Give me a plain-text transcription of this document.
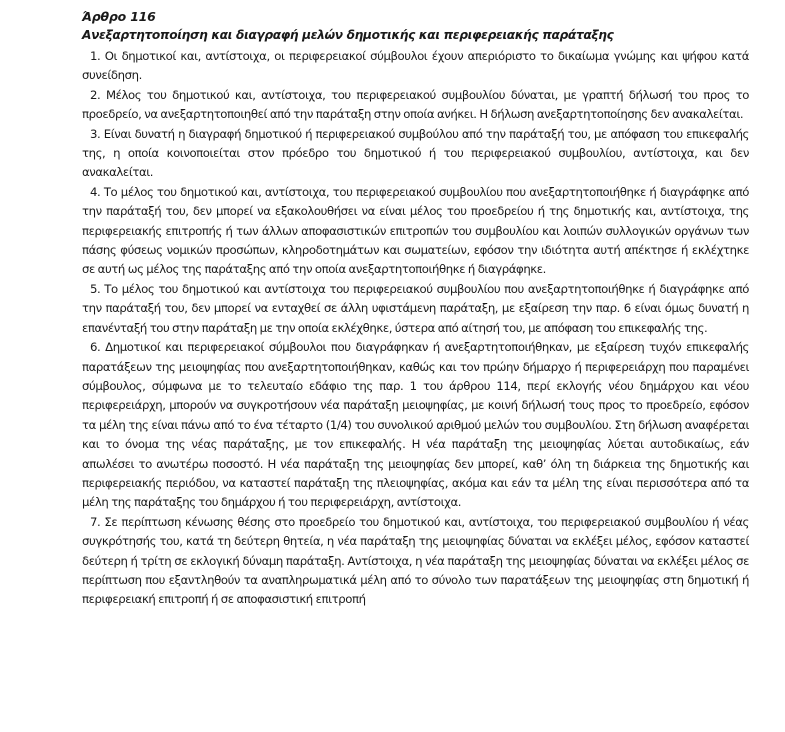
Άρθρο 116
Ανεξαρτητοποίηση και διαγραφή μελών δημοτικής και περιφερειακής παράταξης

1. Οι δημοτικοί και, αντίστοιχα, οι περιφερειακοί σύμβουλοι έχουν απεριόριστο το δικαίωμα γνώμης και ψήφου κατά συνείδηση.

2. Μέλος του δημοτικού και, αντίστοιχα, του περιφερειακού συμβουλίου δύναται, με γραπτή δήλωσή του προς το προεδρείο, να ανεξαρτητοποιηθεί από την παράταξη στην οποία ανήκει. Η δήλωση ανεξαρτητοποίησης δεν ανακαλείται.

3. Είναι δυνατή η διαγραφή δημοτικού ή περιφερειακού συμβούλου από την παράταξή του, με απόφαση του επικεφαλής της, η οποία κοινοποιείται στον πρόεδρο του δημοτικού ή του περιφερειακού συμβουλίου, αντίστοιχα, και δεν ανακαλείται.

4. Το μέλος του δημοτικού και, αντίστοιχα, του περιφερειακού συμβουλίου που ανεξαρτητοποιήθηκε ή διαγράφηκε από την παράταξή του, δεν μπορεί να εξακολουθήσει να είναι μέλος του προεδρείου ή της δημοτικής και, αντίστοιχα, της περιφερειακής επιτροπής ή των άλλων αποφασιστικών επιτροπών του συμβουλίου και λοιπών συλλογικών οργάνων των πάσης φύσεως νομικών προσώπων, κληροδοτημάτων και σωματείων, εφόσον την ιδιότητα αυτή απέκτησε ή εκλέχτηκε σε αυτή ως μέλος της παράταξης από την οποία ανεξαρτητοποιήθηκε ή διαγράφηκε.

5. Το μέλος του δημοτικού και αντίστοιχα του περιφερειακού συμβουλίου που ανεξαρτητοποιήθηκε ή διαγράφηκε από την παράταξή του, δεν μπορεί να ενταχθεί σε άλλη υφιστάμενη παράταξη, με εξαίρεση την παρ. 6 είναι όμως δυνατή η επανένταξή του στην παράταξη με την οποία εκλέχθηκε, ύστερα από αίτησή του, με απόφαση του επικεφαλής της.

6. Δημοτικοί και περιφερειακοί σύμβουλοι που διαγράφηκαν ή ανεξαρτητοποιήθηκαν, με εξαίρεση τυχόν επικεφαλής παρατάξεων της μειοψηφίας που ανεξαρτητοποιήθηκαν, καθώς και τον πρώην δήμαρχο ή περιφερειάρχη που παραμένει σύμβουλος, σύμφωνα με το τελευταίο εδάφιο της παρ. 1 του άρθρου 114, περί εκλογής νέου δημάρχου και νέου περιφερειάρχη, μπορούν να συγκροτήσουν νέα παράταξη μειοψηφίας, με κοινή δήλωσή τους προς το προεδρείο, εφόσον τα μέλη της είναι πάνω από το ένα τέταρτο (1/4) του συνολικού αριθμού μελών του συμβουλίου. Στη δήλωση αναφέρεται και το όνομα της νέας παράταξης, με τον επικεφαλής. Η νέα παράταξη της μειοψηφίας λύεται αυτοδικαίως, εάν απωλέσει το ανωτέρω ποσοστό. Η νέα παράταξη της μειοψηφίας δεν μπορεί, καθ’ όλη τη διάρκεια της δημοτικής και περιφερειακής περιόδου, να καταστεί παράταξη της πλειοψηφίας, ακόμα και εάν τα μέλη της είναι περισσότερα από τα μέλη της παράταξης του δημάρχου ή του περιφερειάρχη, αντίστοιχα.

7. Σε περίπτωση κένωσης θέσης στο προεδρείο του δημοτικού και, αντίστοιχα, του περιφερειακού συμβουλίου ή νέας συγκρότησής του, κατά τη δεύτερη θητεία, η νέα παράταξη της μειοψηφίας δύναται να εκλέξει μέλος, εφόσον καταστεί δεύτερη ή τρίτη σε εκλογική δύναμη παράταξη. Αντίστοιχα, η νέα παράταξη της μειοψηφίας δύναται να εκλέξει μέλος σε περίπτωση που εξαντληθούν τα αναπληρωματικά μέλη από το σύνολο των παρατάξεων της μειοψηφίας στη δημοτική ή περιφερειακή επιτροπή ή σε αποφασιστική επιτροπή
